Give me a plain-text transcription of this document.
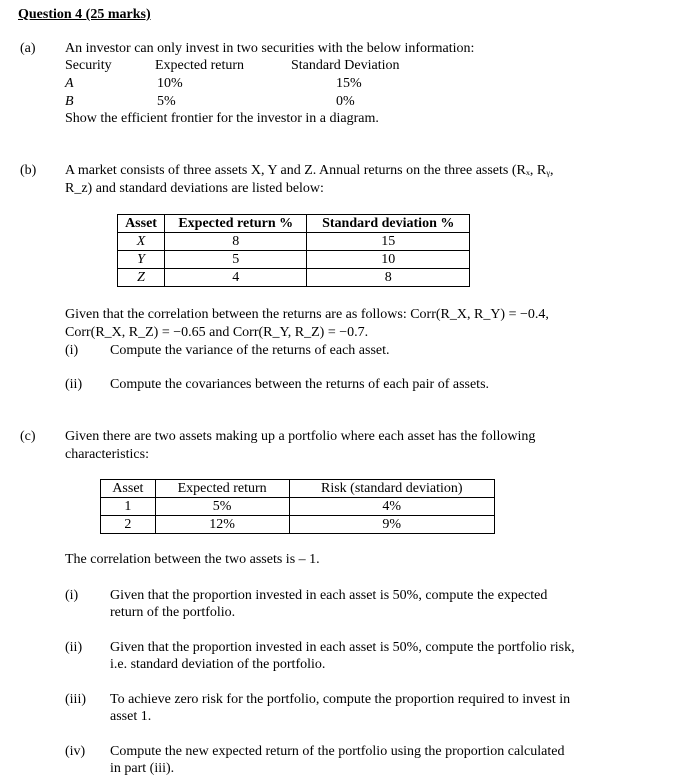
Question 4 (25 marks)
(a) An investor can only invest in two securities with the below information:
Security	Expected return	Standard Deviation
A	10%	15%
B	5%	0%
Show the efficient frontier for the investor in a diagram.
(b) A market consists of three assets X, Y and Z. Annual returns on the three assets (Rₓ, Rᵧ,
R_z) and standard deviations are listed below:
Asset	Expected return %	Standard deviation %
X	8	15
Y	5	10
Z	4	8
Given that the correlation between the returns are as follows: Corr(R_X, R_Y) = −0.4,
Corr(R_X, R_Z) = −0.65 and Corr(R_Y, R_Z) = −0.7.
(i) Compute the variance of the returns of each asset.
(ii) Compute the covariances between the returns of each pair of assets.
(c) Given there are two assets making up a portfolio where each asset has the following
characteristics:
Asset	Expected return	Risk (standard deviation)
1	5%	4%
2	12%	9%
The correlation between the two assets is – 1.
(i) Given that the proportion invested in each asset is 50%, compute the expected
return of the portfolio.
(ii) Given that the proportion invested in each asset is 50%, compute the portfolio risk,
i.e. standard deviation of the portfolio.
(iii) To achieve zero risk for the portfolio, compute the proportion required to invest in
asset 1.
(iv) Compute the new expected return of the portfolio using the proportion calculated
in part (iii).
